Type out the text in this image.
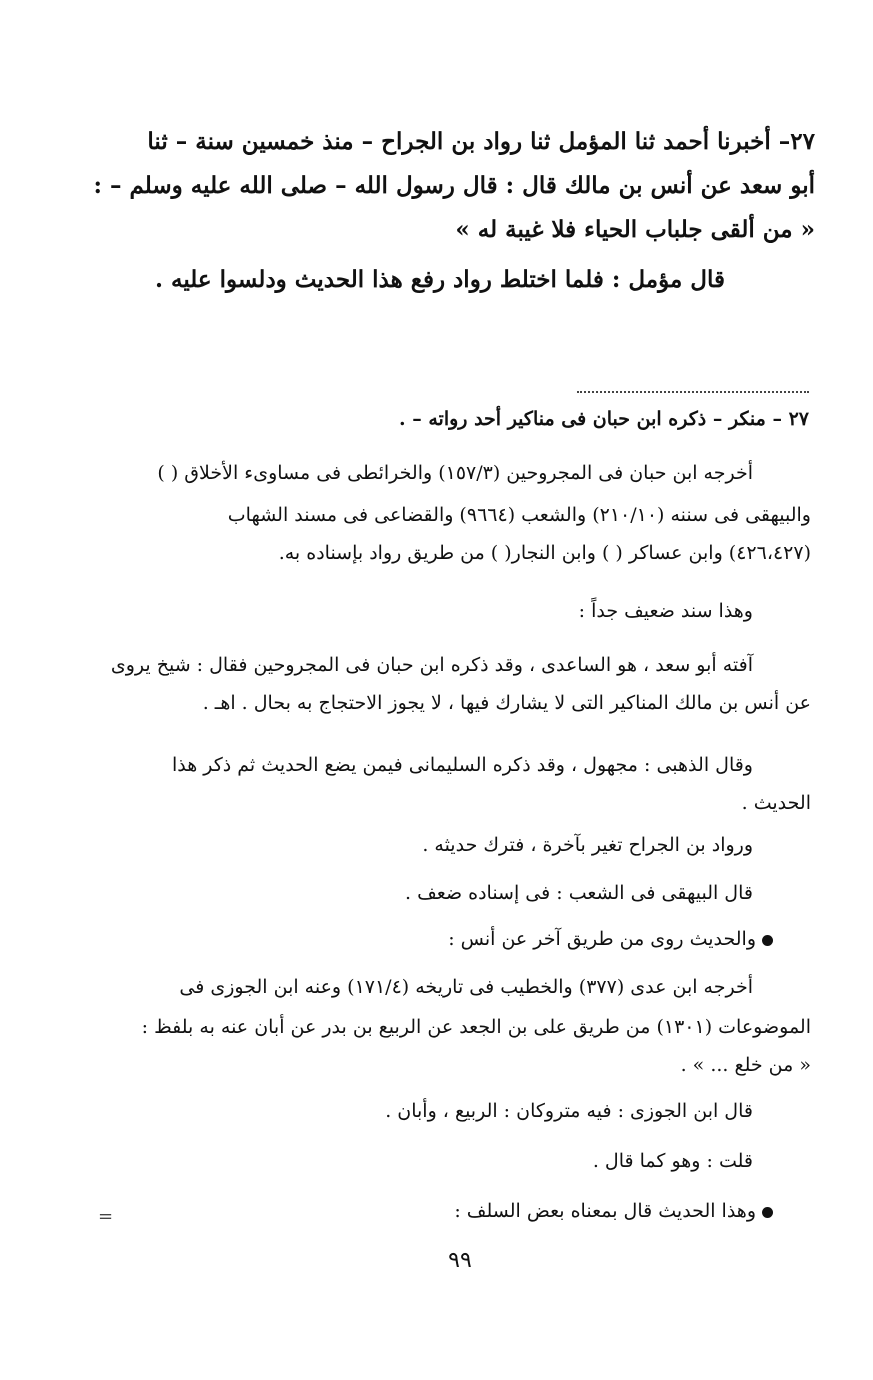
٢٧– أخبرنا أحمد ثنا المؤمل ثنا رواد بن الجراح – منذ خمسين سنة – ثنا

أبو سعد عن أنس بن مالك قال : قال رسول الله – صلى الله عليه وسلم – :

« من ألقى جلباب الحياء فلا غيبة له »

قال مؤمل : فلما اختلط رواد رفع هذا الحديث ودلسوا عليه .

٢٧ – منكر – ذكره ابن حبان فى مناكير أحد رواته – .

أخرجه ابن حبان فى المجروحين (١٥٧/٣) والخرائطى فى مساوىء الأخلاق ( )

والبيهقى فى سننه (٢١٠/١٠) والشعب (٩٦٦٤) والقضاعى فى مسند الشهاب

(٤٢٦،٤٢٧) وابن عساكر ( ) وابن النجار( ) من طريق رواد بإسناده به.

وهذا سند ضعيف جداً :

آفته أبو سعد ، هو الساعدى ، وقد ذكره ابن حبان فى المجروحين فقال : شيخ يروى

عن أنس بن مالك المناكير التى لا يشارك فيها ، لا يجوز الاحتجاج به بحال . اهـ .

وقال الذهبى : مجهول ، وقد ذكره السليمانى فيمن يضع الحديث ثم ذكر هذا

الحديث .

ورواد بن الجراح تغير بآخرة ، فترك حديثه .

قال البيهقى فى الشعب : فى إسناده ضعف .

والحديث روى من طريق آخر عن أنس :

أخرجه ابن عدى (٣٧٧) والخطيب فى تاريخه (١٧١/٤) وعنه ابن الجوزى فى

الموضوعات (١٣٠١) من طريق على بن الجعد عن الربيع بن بدر عن أبان عنه به بلفظ :

« من خلع ... » .

قال ابن الجوزى : فيه متروكان : الربيع ، وأبان .

قلت : وهو كما قال .

وهذا الحديث قال بمعناه بعض السلف :

=
٩٩
